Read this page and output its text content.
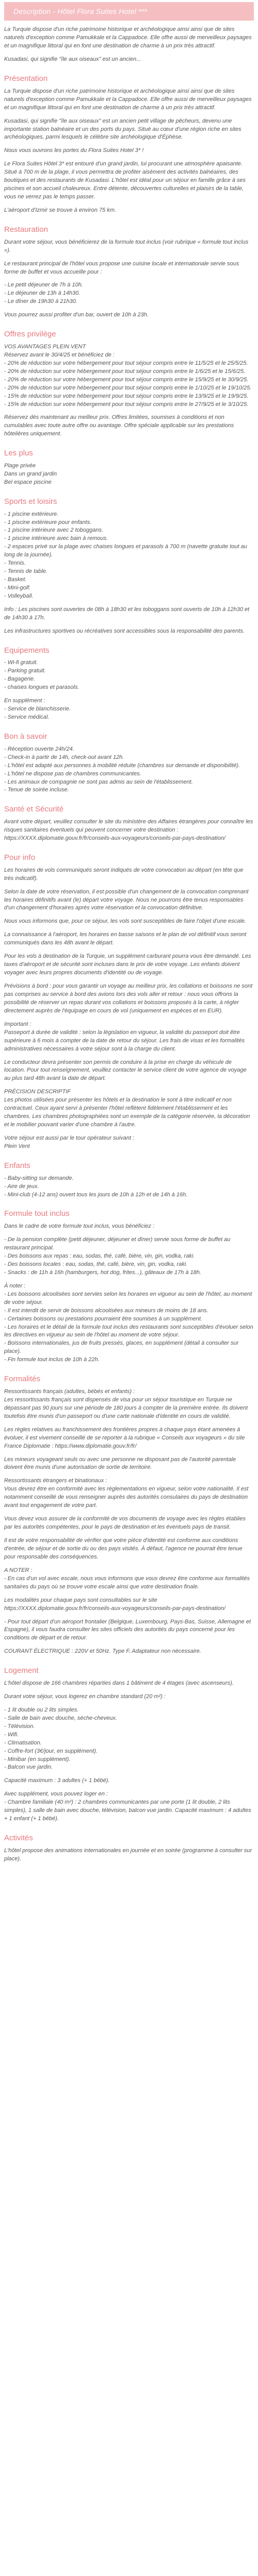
Description - Hôtel Flora Suites Hotel ***

La Turquie dispose d'un riche patrimoine historique et archéologique ainsi ainsi que de sites naturels d'exception comme Pamukkale et la Cappadoce. Elle offre aussi de merveilleux paysages et un magnifique littoral qui en font une destination de charme à un prix très attractif.

Kusadasi, qui signifie "île aux oiseaux" est un ancien...

Présentation

La Turquie dispose d'un riche patrimoine historique et archéologique ainsi ainsi que de sites naturels d'exception comme Pamukkale et la Cappadoce. Elle offre aussi de merveilleux paysages et un magnifique littoral qui en font une destination de charme à un prix très attractif.

Kusadasi, qui signifie "île aux oiseaux" est un ancien petit village de pêcheurs, devenu une importante station balnéaire et un des ports du pays. Situé au cœur d'une région riche en sites archéologiques, parmi lesquels le célèbre site archéologique d'Éphèse.

Nous vous ouvrons les portes du Flora Suites Hotel 3* !

Le Flora Suites Hôtel 3* est entouré d'un grand jardin, lui procurant une atmosphère apaisante. Situé à 700 m de la plage, il vous permettra de profiter aisément des activités balnéaires, des boutiques et des restaurants de Kusadasi. L'hôtel est idéal pour un séjour en famille grâce à ses piscines et son accueil chaleureux. Entre détente, découvertes culturelles et plaisirs de la table, vous ne verrez pas le temps passer.

L'aéroport d'Izmir se trouve à environ 75 km.

Restauration

Durant votre séjour, vous bénéficierez de la formule tout inclus (voir rubrique « formule tout inclus »).

Le restaurant principal de l'hôtel vous propose une cuisine locale et internationale servie sous forme de buffet et vous accueille pour :

- Le petit déjeuner de 7h à 10h.
- Le déjeuner de 13h à 14h30.
- Le dîner de 19h30 à 21h30.

Vous pourrez aussi profiter d'un bar, ouvert de 10h à 23h.

Offres privilège

VOS AVANTAGES PLEIN VENT

Réservez avant le 30/4/25 et bénéficiez de :

- 20% de réduction sur votre hébergement pour tout séjour compris entre le 11/5/25 et le 25/5/25.
- 20% de réduction sur votre hébergement pour tout séjour compris entre le 1/6/25 et le 15/6/25.
- 20% de réduction sur votre hébergement pour tout séjour compris entre le 15/9/25 et le 30/9/25.
- 20% de réduction sur votre hébergement pour tout séjour compris entre le 1/10/25 et le 19/10/25.
- 15% de réduction sur votre hébergement pour tout séjour compris entre le 13/9/25 et le 19/9/25.
- 15% de réduction sur votre hébergement pour tout séjour compris entre le 27/9/25 et le 3/10/25.

Réservez dès maintenant au meilleur prix. Offres limitées, soumises à conditions et non cumulables avec toute autre offre ou avantage. Offre spéciale applicable sur les prestations hôtelières uniquement.

Les plus
Plage privée
Dans un grand jardin
Bel espace piscine
Sports et loisirs
- 1 piscine extérieure.
- 1 piscine extérieure pour enfants.
- 1 piscine intérieure avec 2 toboggans.
- 1 piscine intérieure avec bain à remous.
- 2 espaces privé sur la plage avec chaises longues et parasols à 700 m (navette gratuite tout au long de la journée).
- Tennis.
- Tennis de table.
- Basket.
- Mini-golf.
- Volleyball.

Info : Les piscines sont ouvertes de 08h à 18h30 et les toboggans sont ouverts de 10h à 12h30 et de 14h30 à 17h.

Les infrastructures sportives ou récréatives sont accessibles sous la responsabilité des parents.

Equipements
- Wi-fi gratuit.
- Parking gratuit.
- Bagagerie.
- chaises longues et parasols.

En supplément :

- Service de blanchisserie.
- Service médical.
Bon à savoir
- Réception ouverte 24h/24.
- Check-in à partir de 14h, check-out avant 12h.
- L'hôtel est adapté aux personnes à mobilité réduite (chambres sur demande et disponibilité).
- L'hôtel ne dispose pas de chambres communicantes.
- Les animaux de compagnie ne sont pas admis au sein de l'établissement.
- Tenue de soirée incluse.
Santé et Sécurité

Avant votre départ, veuillez consulter le site du ministère des Affaires étrangères pour connaître les risques sanitaires éventuels qui peuvent concerner votre destination : https://XXXX.diplomatie.gouv.fr/fr/conseils-aux-voyageurs/conseils-par-pays-destination/

Pour info

Les horaires de vols communiqués seront indiqués de votre convocation au départ (en tête que très indicatif).

Selon la date de votre réservation, il est possible d'un changement de la convocation comprenant les horaires définitifs avant (le) départ votre voyage. Nous ne pourrons être tenus responsables d'un changement d'horaires après votre réservation et la convocation définitive.

Nous vous informons que, pour ce séjour, les vols sont susceptibles de faire l'objet d'une escale.

La connaissance à l'aéroport, les horaires en basse saisons et le plan de vol définitif vous seront communiqués dans les 48h avant le départ.

Pour les vols à destination de la Turquie, un supplément carburant pourra vous être demandé. Les taxes d'aéroport et de sécurité sont incluses dans le prix de votre voyage. Les enfants doivent voyager avec leurs propres documents d'identité ou de voyage.

Prévisions à bord : pour vous garantir un voyage au meilleur prix, les collations et boissons ne sont pas comprises au service à bord des avions lors des vols aller et retour : nous vous offrons la possibilité de réserver un repas durant vos collations et boissons proposés à la carte, à régler directement auprès de l'équipage en cours de vol (uniquement en espèces et en EUR).

Important :

Passeport à durée de validité : selon la législation en vigueur, la validité du passeport doit être supérieure à 6 mois à compter de la date de retour du séjour. Les frais de visas et les formalités administratives nécessaires à votre séjour sont à la charge du client.

Le conducteur devra présenter son permis de conduire à la prise en charge du véhicule de location. Pour tout renseignement, veuillez contacter le service client de votre agence de voyage au plus tard 48h avant la date de départ.

PRÉCISION DESCRIPTIF

Les photos utilisées pour présenter les hôtels et la destination le sont à titre indicatif et non contractuel. Ceux ayant servi à présenter l'hôtel reflètent fidèlement l'établissement et les chambres. Les chambres photographiées sont un exemple de la catégorie réservée, la décoration et le mobilier pouvant varier d'une chambre à l'autre.

Votre séjour est aussi par le tour opérateur suivant :

Plein Vent

Enfants
- Baby-sitting sur demande.
- Aire de jeux.
- Mini-club (4-12 ans) ouvert tous les jours de 10h à 12h et de 14h à 16h.
Formule tout inclus

Dans le cadre de votre formule tout inclus, vous bénéficiez :

- De la pension complète (petit déjeuner, déjeuner et dîner) servie sous forme de buffet au restaurant principal.
- Des boissons aux repas : eau, sodas, thé, café, bière, vin, gin, vodka, raki.
- Des boissons locales : eau, sodas, thé, café, bière, vin, gin, vodka, raki.
- Snacks : de 11h à 16h (hamburgers, hot dog, frites...), gâteaux de 17h à 18h.

À noter :

- Les boissons alcoolisées sont servies selon les horaires en vigueur au sein de l'hôtel, au moment de votre séjour.
- Il est interdit de servir de boissons alcoolisées aux mineurs de moins de 18 ans.
- Certaines boissons ou prestations pourraient être soumises à un supplément.
- Les horaires et le détail de la formule tout inclus des restaurants sont susceptibles d'évoluer selon les directives en vigueur au sein de l'hôtel au moment de votre séjour.
- Boissons internationales, jus de fruits pressés, glaces, en supplément (détail à consulter sur place).
- Fin formule tout inclus de 10h à 22h.
Formalités

Ressortissants français (adultes, bébés et enfants) :

Les ressortissants français sont dispensés de visa pour un séjour touristique en Turquie ne dépassant pas 90 jours sur une période de 180 jours à compter de la première entrée. Ils doivent toutefois être munis d'un passeport ou d'une carte nationale d'identité en cours de validité.

Les règles relatives au franchissement des frontières propres à chaque pays étant amenées à évoluer, il est vivement conseillé de se reporter à la rubrique « Conseils aux voyageurs » du site France Diplomatie : https://www.diplomatie.gouv.fr/fr/

Les mineurs voyageant seuls ou avec une personne ne disposant pas de l'autorité parentale doivent être munis d'une autorisation de sortie de territoire.

Ressortissants étrangers et binationaux :

Vous devrez être en conformité avec les réglementations en vigueur, selon votre nationalité. Il est notamment conseillé de vous renseigner auprès des autorités consulaires du pays de destination avant tout engagement de votre part.

Vous devez vous assurer de la conformité de vos documents de voyage avec les règles établies par les autorités compétentes, pour le pays de destination et les éventuels pays de transit.

Il est de votre responsabilité de vérifier que votre pièce d'identité est conforme aux conditions d'entrée, de séjour et de sortie du ou des pays visités. À défaut, l'agence ne pourrait être tenue pour responsable des conséquences.

A NOTER :

- En cas d'un vol avec escale, nous vous informons que vous devrez être conforme aux formalités sanitaires du pays où se trouve votre escale ainsi que votre destination finale.

Les modalités pour chaque pays sont consultables sur le site https://XXXX.diplomatie.gouv.fr/fr/conseils-aux-voyageurs/conseils-par-pays-destination/

- Pour tout départ d'un aéroport frontalier (Belgique, Luxembourg, Pays-Bas, Suisse, Allemagne et Espagne), il vous faudra consulter les sites officiels des autorités du pays concerné pour les conditions de départ et de retour.

COURANT ÉLECTRIQUE : 220V et 50Hz. Type F. Adaptateur non nécessaire.

Logement

L'hôtel dispose de 166 chambres réparties dans 1 bâtiment de 4 étages (avec ascenseurs).

Durant votre séjour, vous logerez en chambre standard (20 m²) :

- 1 lit double ou 2 lits simples.
- Salle de bain avec douche, sèche-cheveux.
- Télévision.
- Wifi.
- Climatisation.
- Coffre-fort (3€/jour, en supplément).
- Minibar (en supplément).
- Balcon vue jardin.

Capacité maximum : 3 adultes (+ 1 bébé).

Avec supplément, vous pouvez loger en :

- Chambre familiale (40 m²) : 2 chambres communicantes par une porte (1 lit double, 2 lits simples), 1 salle de bain avec douche, télévision, balcon vue jardin. Capacité maximum : 4 adultes + 1 enfant (+ 1 bébé).

Activités

L'hôtel propose des animations internationales en journée et en soirée (programme à consulter sur place).
